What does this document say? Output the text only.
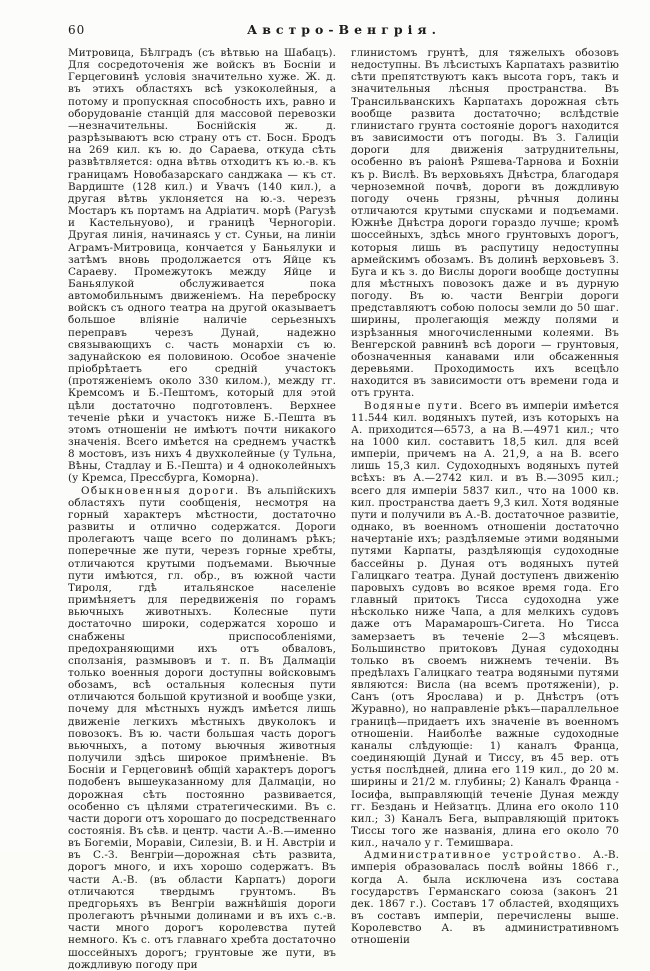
60	Австро-Венгрія.

Митровица, Бѣлградъ (съ вѣтвью на Шабацъ). Для сосредоточенія же войскъ въ Босніи и Герцеговинѣ условія значительно хуже. Ж. д. въ этихъ областяхъ всѣ узкоколейныя, а потому и пропускная способность ихъ, равно и оборудованіе станцій для массовой перевозки—незначительны. Боснійскія ж. д. разрѣзываютъ всю страну отъ ст. Босн. Бродъ на 269 кил. къ ю. до Сараева, откуда сѣть развѣтвляется: одна вѣтвь отходитъ къ ю.-в. къ границамъ Новобазарскаго санджака — къ ст. Вардиште (128 кил.) и Увачъ (140 кил.), а другая вѣтвь уклоняется на ю.-з. черезъ Мостаръ къ портамъ на Адріатич. морѣ (Рагузѣ и Кастельнуово), и границѣ Черногоріи. Другая линія, начинаясь у ст. Суньи, на линіи Аграмъ-Митровица, кончается у Баньялуки и затѣмъ вновь продолжается отъ Яйце къ Сараеву. Промежутокъ между Яйце и Баньялукой обслуживается пока автомобильнымъ движеніемъ. На переброску войскъ съ одного театра на другой оказываетъ большое вліяніе наличіе серьезныхъ переправъ черезъ Дунай, надежно связывающихъ с. часть монархіи съ ю. задунайскою ея половиною. Особое значеніе пріобрѣтаетъ его средній участокъ (протяженіемъ около 330 килом.), между гг. Кремсомъ и Б.-Пештомъ, который для этой цѣли достаточно подготовленъ. Верхнее теченіе рѣки и участокъ ниже Б.-Пешта въ этомъ отношеніи не имѣютъ почти никакого значенія. Всего имѣется на среднемъ участкѣ 8 мостовъ, изъ нихъ 4 двухколейные (у Тульна, Вѣны, Стадлау и Б.-Пешта) и 4 одноколейныхъ (у Кремса, Прессбурга, Коморна).

Обыкновенныя дороги. Въ альпійскихъ областяхъ пути сообщенія, несмотря на горный характеръ мѣстности, достаточно развиты и отлично содержатся. Дороги пролегаютъ чаще всего по долинамъ рѣкъ; поперечные же пути, черезъ горные хребты, отличаются крутыми подъемами. Вьючные пути имѣются, гл. обр., въ южной части Тироля, гдѣ итальянское населеніе примѣняетъ для передвиженія по горамъ вьючныхъ животныхъ. Колесные пути достаточно широки, содержатся хорошо и снабжены приспособленіями, предохраняющими ихъ отъ обваловъ, сползанія, размывовъ и т. п. Въ Далмаціи только военныя дороги доступны войсковымъ обозамъ, всѣ остальныя колесныя пути отличаются большой крутизной и вообще узки, почему для мѣстныхъ нуждъ имѣется лишь движеніе легкихъ мѣстныхъ двуколокъ и повозокъ. Въ ю. части большая часть дорогъ вьючныхъ, а потому вьючныя животныя получили здѣсь широкое примѣненіе. Въ Босніи и Герцеговинѣ общій характеръ дорогъ подобенъ вышеуказанному для Далмаціи, но дорожная сѣть постоянно развивается, особенно съ цѣлями стратегическими. Въ с. части дороги отъ хорошаго до посредственнаго состоянія. Въ сѣв. и центр. части А.-В.—именно въ Богеміи, Моравіи, Силезіи, В. и Н. Австріи и въ С.-З. Венгріи—дорожная сѣть развита, дорогъ много, и ихъ хорошо содержатъ. Въ части А.-В. (въ области Карпатъ) дороги отличаются твердымъ грунтомъ. Въ предгорьяхъ въ Венгріи важнѣйшія дороги пролегаютъ рѣчными долинами и въ ихъ с.-в. части много дорогъ королевства путей немного. Къ с. отъ главнаго хребта достаточно шоссейныхъ дорогъ; грунтовые же пути, въ дождливую погоду при

глинистомъ грунтѣ, для тяжелыхъ обозовъ недоступны. Въ лѣсистыхъ Карпатахъ развитію сѣти препятствуютъ какъ высота горъ, такъ и значительныя лѣсныя пространства. Въ Трансильванскихъ Карпатахъ дорожная сѣть вообще развита достаточно; вслѣдствіе глинистаго грунта состояніе дорогъ находится въ зависимости отъ погоды. Въ З. Галиціи дороги для движенія затруднительны, особенно въ раіонѣ Ряшева-Тарнова и Бохніи къ р. Вислѣ. Въ верховьяхъ Днѣстра, благодаря черноземной почвѣ, дороги въ дождливую погоду очень грязны, рѣчныя долины отличаются крутыми спусками и подъемами. Южнѣе Днѣстра дороги гораздо лучше; кромѣ шоссейныхъ, здѣсь много грунтовыхъ дорогъ, которыя лишь въ распутицу недоступны армейскимъ обозамъ. Въ долинѣ верховьевъ З. Буга и къ з. до Вислы дороги вообще доступны для мѣстныхъ повозокъ даже и въ дурную погоду. Въ ю. части Венгріи дороги представляютъ собою полосы земли до 50 шаг. ширины, пролегающія между полями и изрѣзанныя многочисленными колеями. Въ Венгерской равнинѣ всѣ дороги — грунтовыя, обозначенныя канавами или обсаженныя деревьями. Проходимость ихъ всецѣло находится въ зависимости отъ времени года и отъ грунта.

Водяные пути. Всего въ имперіи имѣется 11.544 кил. водяныхъ путей, изъ которыхъ на А. приходится—6573, а на В.—4971 кил.; что на 1000 кил. составитъ 18,5 кил. для всей имперіи, причемъ на А. 21,9, а на В. всего лишь 15,3 кил. Судоходныхъ водяныхъ путей всѣхъ: въ А.—2742 кил. и въ В.—3095 кил.; всего для имперіи 5837 кил., что на 1000 кв. кил. пространства даетъ 9,3 кил. Хотя водяные пути и получили въ А.-В. достаточное развитіе, однако, въ военномъ отношеніи достаточно начертаніе ихъ; раздѣляемые этими водяными путями Карпаты, раздѣляющія судоходные бассейны р. Дуная отъ водяныхъ путей Галицкаго театра. Дунай доступенъ движенію паровыхъ судовъ во всякое время года. Его главный притокъ Тисса судоходна уже нѣсколько ниже Чапа, а для мелкихъ судовъ даже отъ Марамарошъ-Сигета. Но Тисса замерзаетъ въ теченіе 2—3 мѣсяцевъ. Большинство притоковъ Дуная судоходны только въ своемъ нижнемъ теченіи. Въ предѣлахъ Галицкаго театра водяными путями являются: Висла (на всемъ протяженіи), р. Санъ (отъ Ярослава) и р. Днѣстръ (отъ Журавно), но направленіе рѣкъ—параллельное границѣ—придаетъ ихъ значеніе въ военномъ отношеніи. Наиболѣе важные судоходные каналы слѣдующіе: 1) каналъ Франца, соединяющій Дунай и Тиссу, въ 45 вер. отъ устья послѣдней, длина его 119 кил., до 20 м. ширины и 21/2 м. глубины; 2) Каналъ Франца - Іосифа, выправляющій теченіе Дуная между гг. Бездань и Нейзатцъ. Длина его около 110 кил.; 3) Каналъ Бега, выправляющій притокъ Тиссы того же названія, длина его около 70 кил., начало у г. Темишвара.

Административное устройство. А.-В. имперія образовалась послѣ войны 1866 г., когда А. была исключена изъ состава государствъ Германскаго союза (законъ 21 дек. 1867 г.). Составъ 17 областей, входящихъ въ составъ имперіи, перечислены выше. Королевство А. въ административномъ отношеніи
